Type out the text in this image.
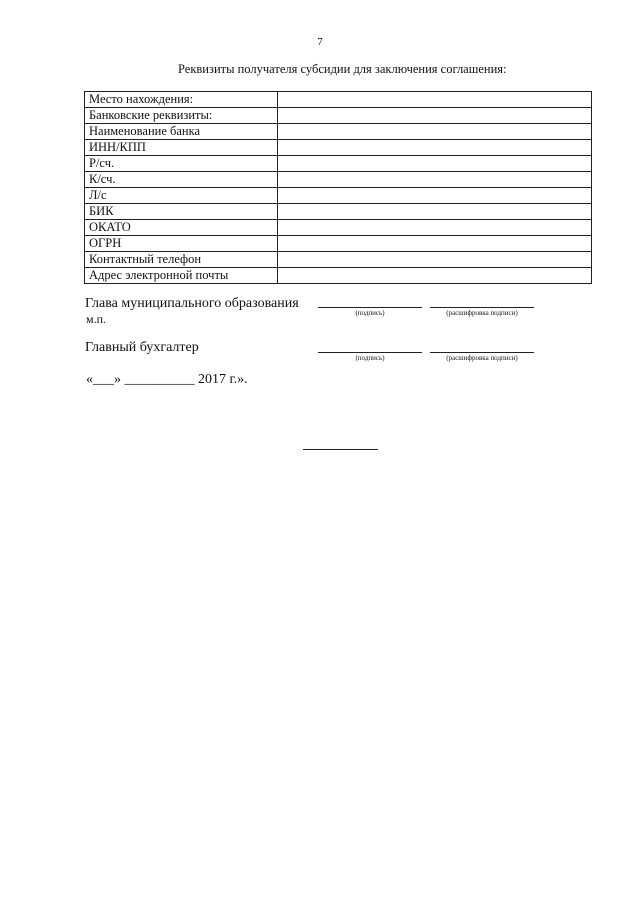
7
Реквизиты получателя субсидии для заключения соглашения:
Место нахождения:	
Банковские реквизиты:	
Наименование банка	
ИНН/КПП	
Р/сч.	
К/сч.	
Л/с	
БИК	
ОКАТО	
ОГРН	
Контактный телефон	
Адрес электронной почты	
Глава муниципального образования
м.п.	(подпись)	(расшифровка подписи)
Главный бухгалтер
(подпись)	(расшифровка подписи)
«___» __________ 2017 г.».
